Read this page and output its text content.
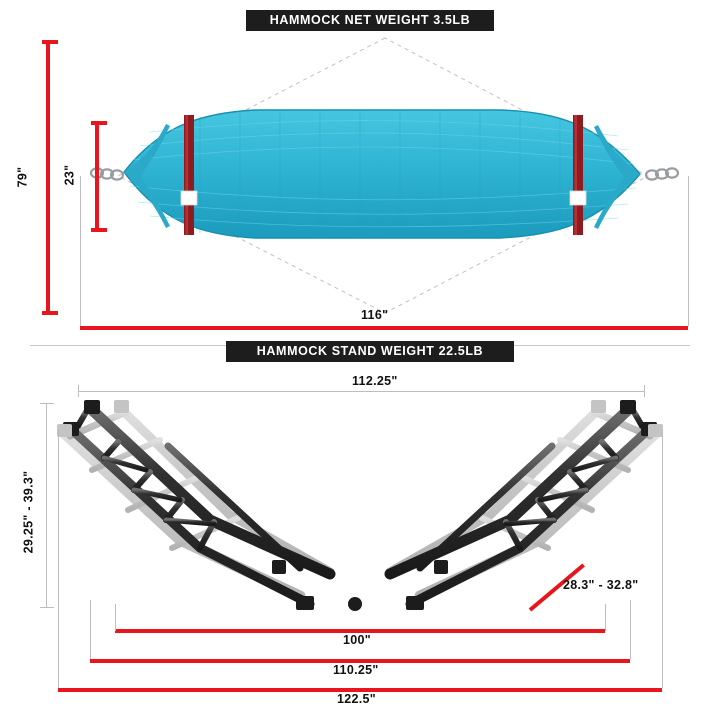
HAMMOCK NET WEIGHT 3.5LB
79"	23"
116"
HAMMOCK STAND WEIGHT 22.5LB
112.25"
29.25" - 39.3"
28.3" - 32.8"
100"
110.25"
122.5"
